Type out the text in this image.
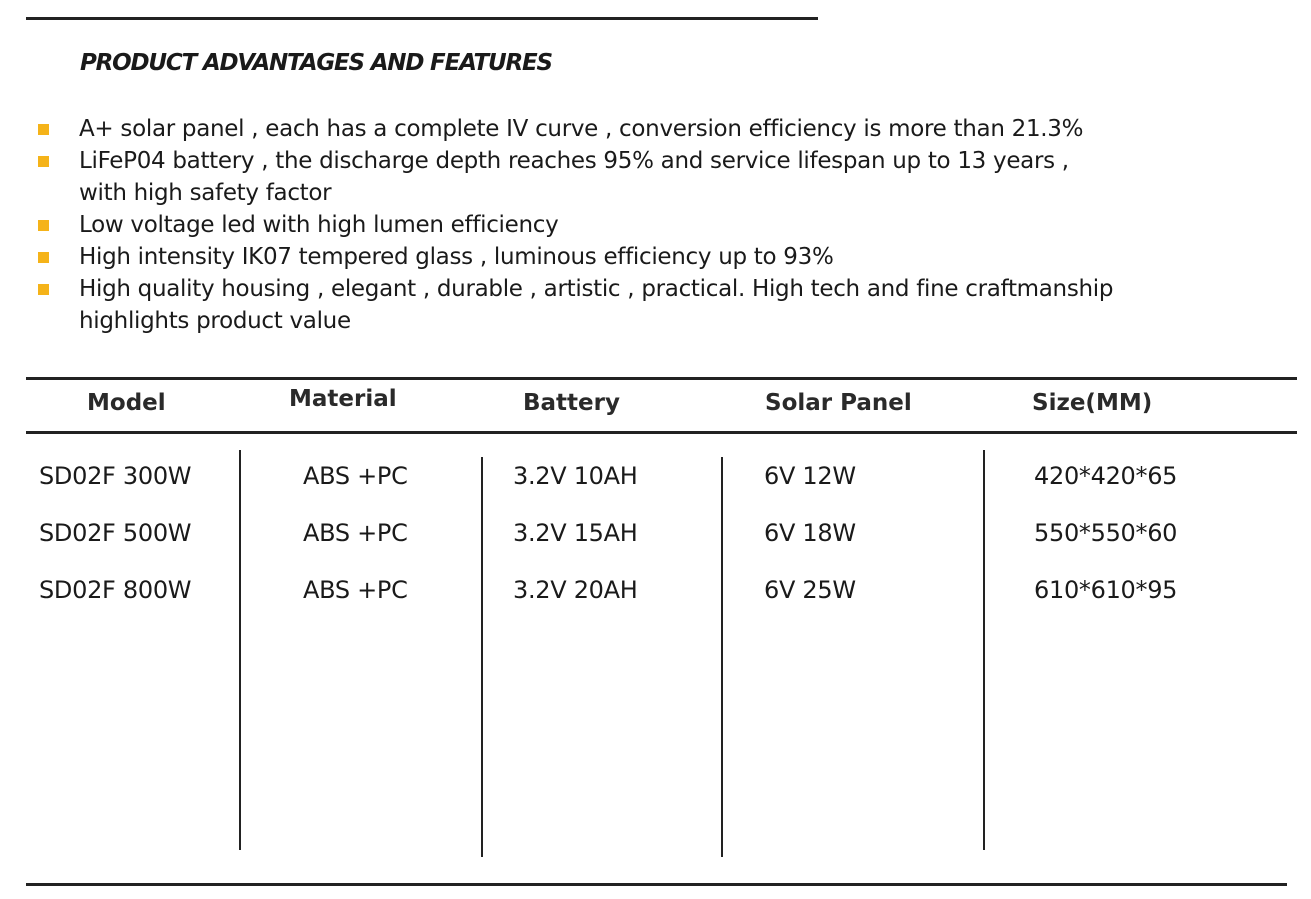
PRODUCT ADVANTAGES AND FEATURES
A+ solar panel , each has a complete IV curve , conversion efficiency is more than 21.3%
LiFeP04 battery , the discharge depth reaches 95% and service lifespan up to 13 years ,
with high safety factor
Low voltage led with high lumen efficiency
High intensity IK07 tempered glass , luminous efficiency up to 93%
High quality housing , elegant , durable , artistic , practical. High tech and fine craftmanship
highlights product value
Model	Material	Battery	Solar Panel	Size(MM)
SD02F 300W	ABS +PC	3.2V 10AH	6V 12W	420*420*65
SD02F 500W	ABS +PC	3.2V 15AH	6V 18W	550*550*60
SD02F 800W	ABS +PC	3.2V 20AH	6V 25W	610*610*95
